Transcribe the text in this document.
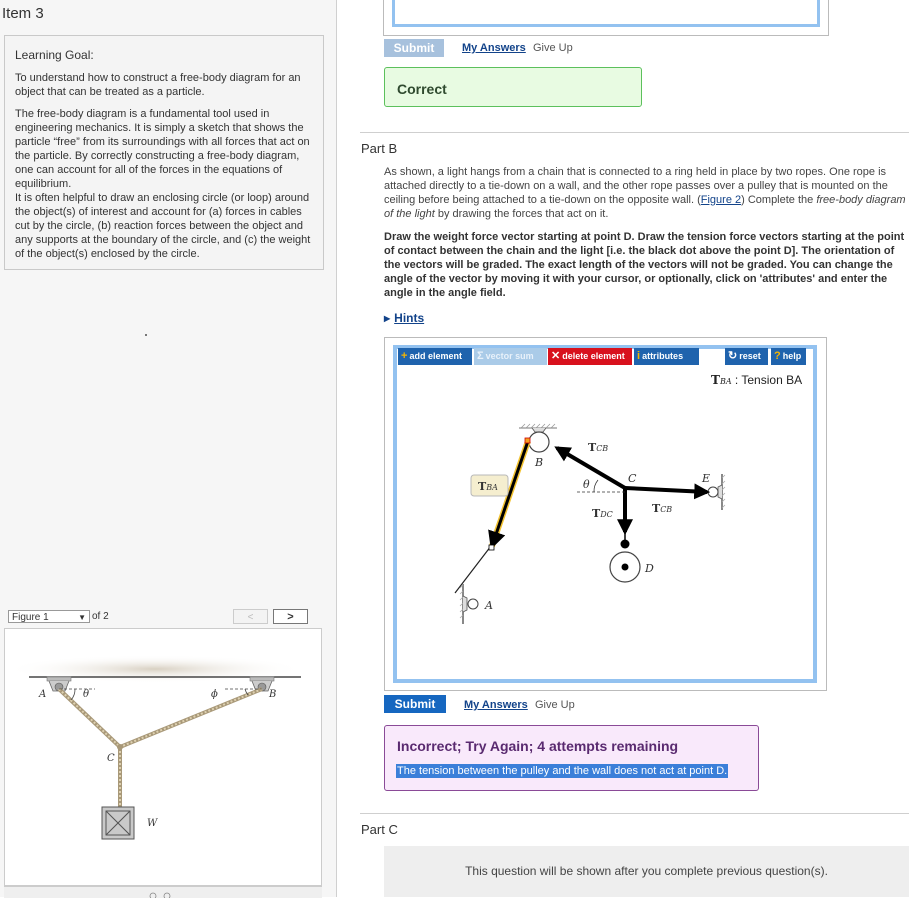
Item 3
Learning Goal:

To understand how to construct a free-body diagram for an object that can be treated as a particle.

The free-body diagram is a fundamental tool used in engineering mechanics. It is simply a sketch that shows the particle “free” from its surroundings with all forces that act on the particle. By correctly constructing a free-body diagram, one can account for all of the forces in the equations of equilibrium.
It is often helpful to draw an enclosing circle (or loop) around the object(s) of interest and account for (a) forces in cables cut by the circle, (b) reaction forces between the object and any supports at the boundary of the circle, and (c) the weight of the object(s) enclosed by the circle.
Figure 1	▼ of 2	<	>
A	B
C
W
θ	ϕ
Submit	My Answers Give Up
Correct
Part B

As shown, a light hangs from a chain that is connected to a ring held in place by two ropes. One rope is attached directly to a tie-down on a wall, and the other rope passes over a pulley that is mounted on the ceiling before being attached to a tie-down on the opposite wall. (Figure 2) Complete the free-body diagram of the light by drawing the forces that act on it.

Draw the weight force vector starting at point D. Draw the tension force vectors starting at the point of contact between the chain and the light [i.e. the black dot above the point D]. The orientation of the vectors will be graded. The exact length of the vectors will not be graded. You can change the angle of the vector by moving it with your cursor, or optionally, click on 'attributes' and enter the angle in the angle field.

▶ Hints
+ add element	Σ vector sum	✕ delete element	i attributes	↻ reset	? help
TBA : Tension BA
TBA
TCB
TCB
TDC
A
B
C
D
E
θ
Submit	My Answers Give Up
Incorrect; Try Again; 4 attempts remaining
The tension between the pulley and the wall does not act at point D.
Part C
This question will be shown after you complete previous question(s).
